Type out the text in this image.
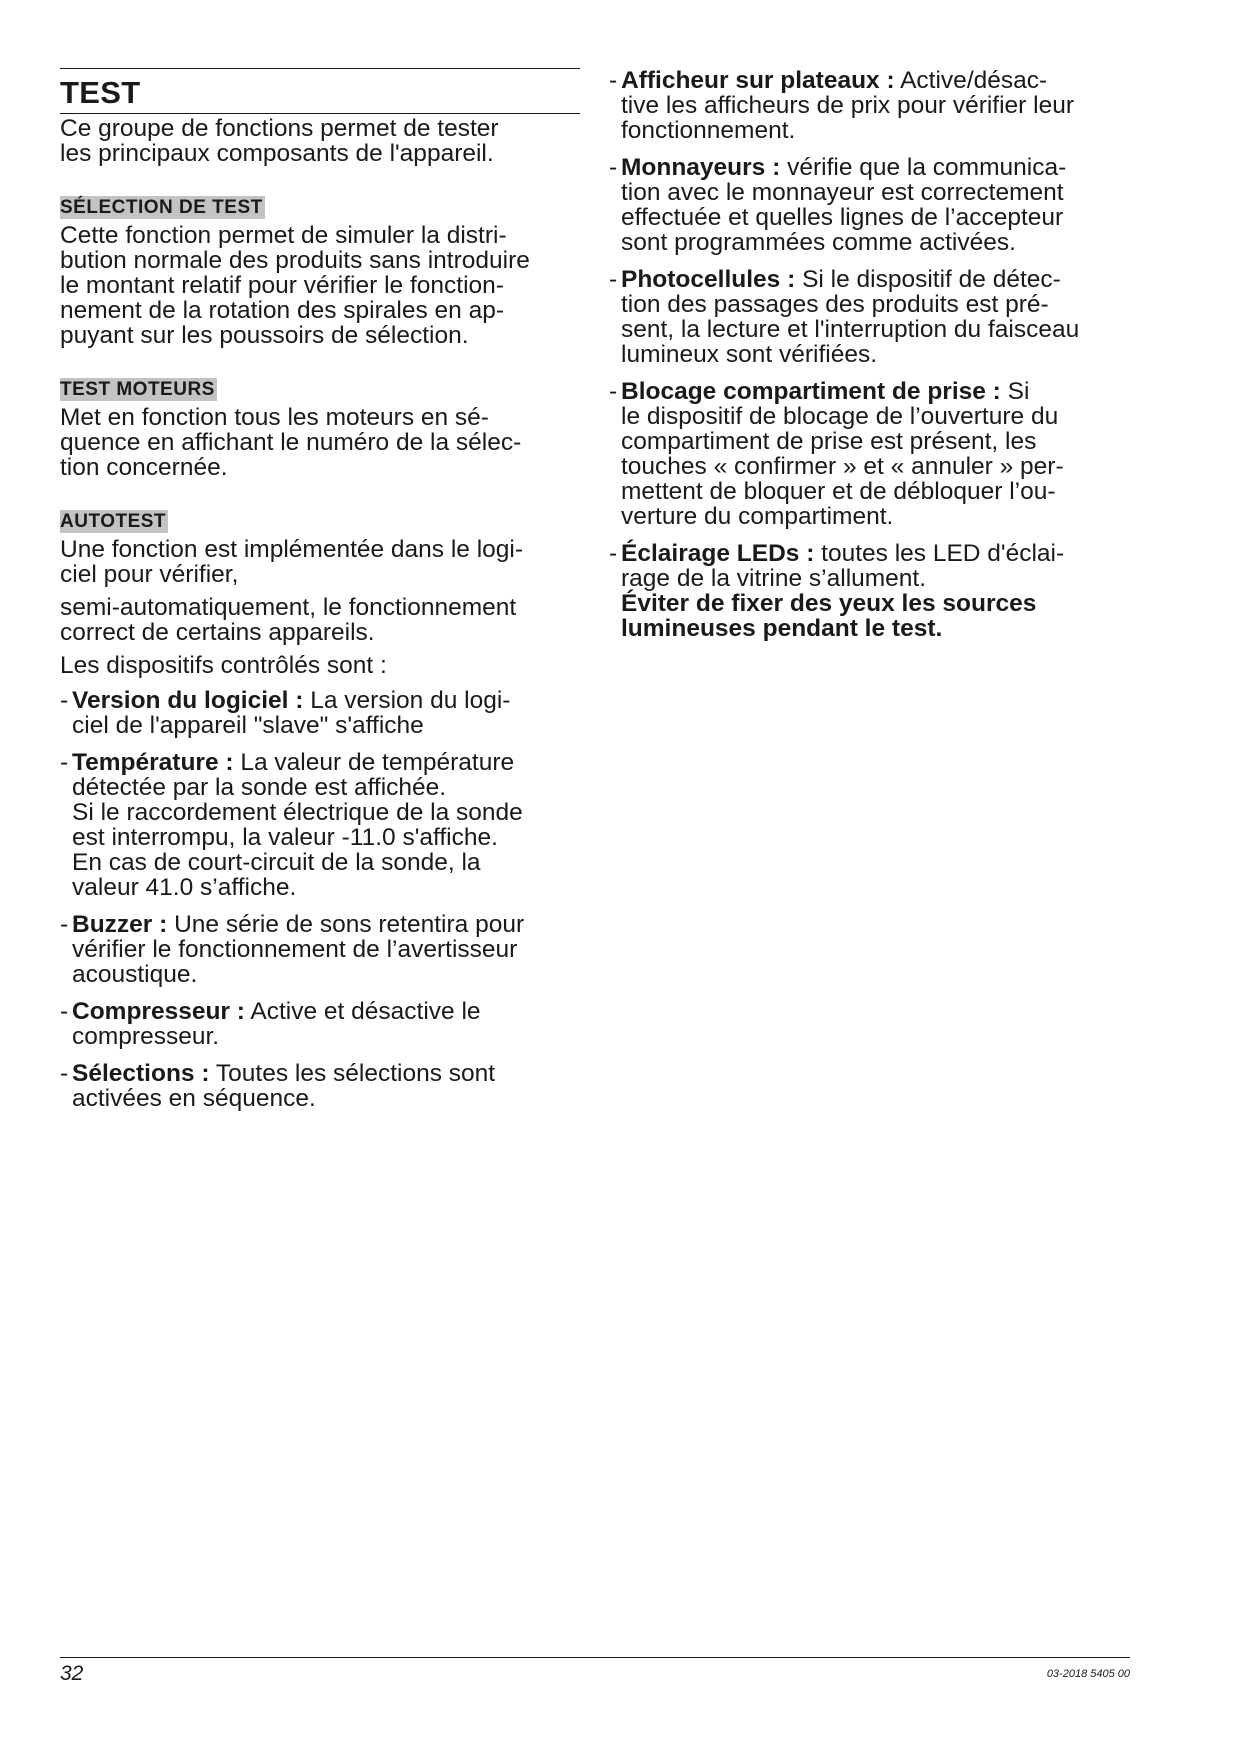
TEST

Ce groupe de fonctions permet de tester
les principaux composants de l'appareil.

SÉLECTION DE TEST

Cette fonction permet de simuler la distri-
bution normale des produits sans introduire
le montant relatif pour vérifier le fonction-
nement de la rotation des spirales en ap-
puyant sur les poussoirs de sélection.

TEST MOTEURS

Met en fonction tous les moteurs en sé-
quence en affichant le numéro de la sélec-
tion concernée.

AUTOTEST

Une fonction est implémentée dans le logi-
ciel pour vérifier,

semi-automatiquement, le fonctionnement
correct de certains appareils.

Les dispositifs contrôlés sont :

- Version du logiciel : La version du logi-
ciel de l'appareil "slave" s'affiche
- Température : La valeur de température
détectée par la sonde est affichée.
Si le raccordement électrique de la sonde
est interrompu, la valeur -11.0 s'affiche.
En cas de court-circuit de la sonde, la
valeur 41.0 s’affiche.
- Buzzer : Une série de sons retentira pour
vérifier le fonctionnement de l’avertisseur
acoustique.
- Compresseur : Active et désactive le
compresseur.
- Sélections : Toutes les sélections sont
activées en séquence.
- Afficheur sur plateaux : Active/désac-
tive les afficheurs de prix pour vérifier leur
fonctionnement.
- Monnayeurs : vérifie que la communica-
tion avec le monnayeur est correctement
effectuée et quelles lignes de l’accepteur
sont programmées comme activées.
- Photocellules : Si le dispositif de détec-
tion des passages des produits est pré-
sent, la lecture et l'interruption du faisceau
lumineux sont vérifiées.
- Blocage compartiment de prise : Si
le dispositif de blocage de l’ouverture du
compartiment de prise est présent, les
touches « confirmer » et « annuler » per-
mettent de bloquer et de débloquer l’ou-
verture du compartiment.
- Éclairage LEDs : toutes les LED d'éclai-
rage de la vitrine s’allument.
Éviter de fixer des yeux les sources
lumineuses pendant le test.
32	03-2018 5405 00
